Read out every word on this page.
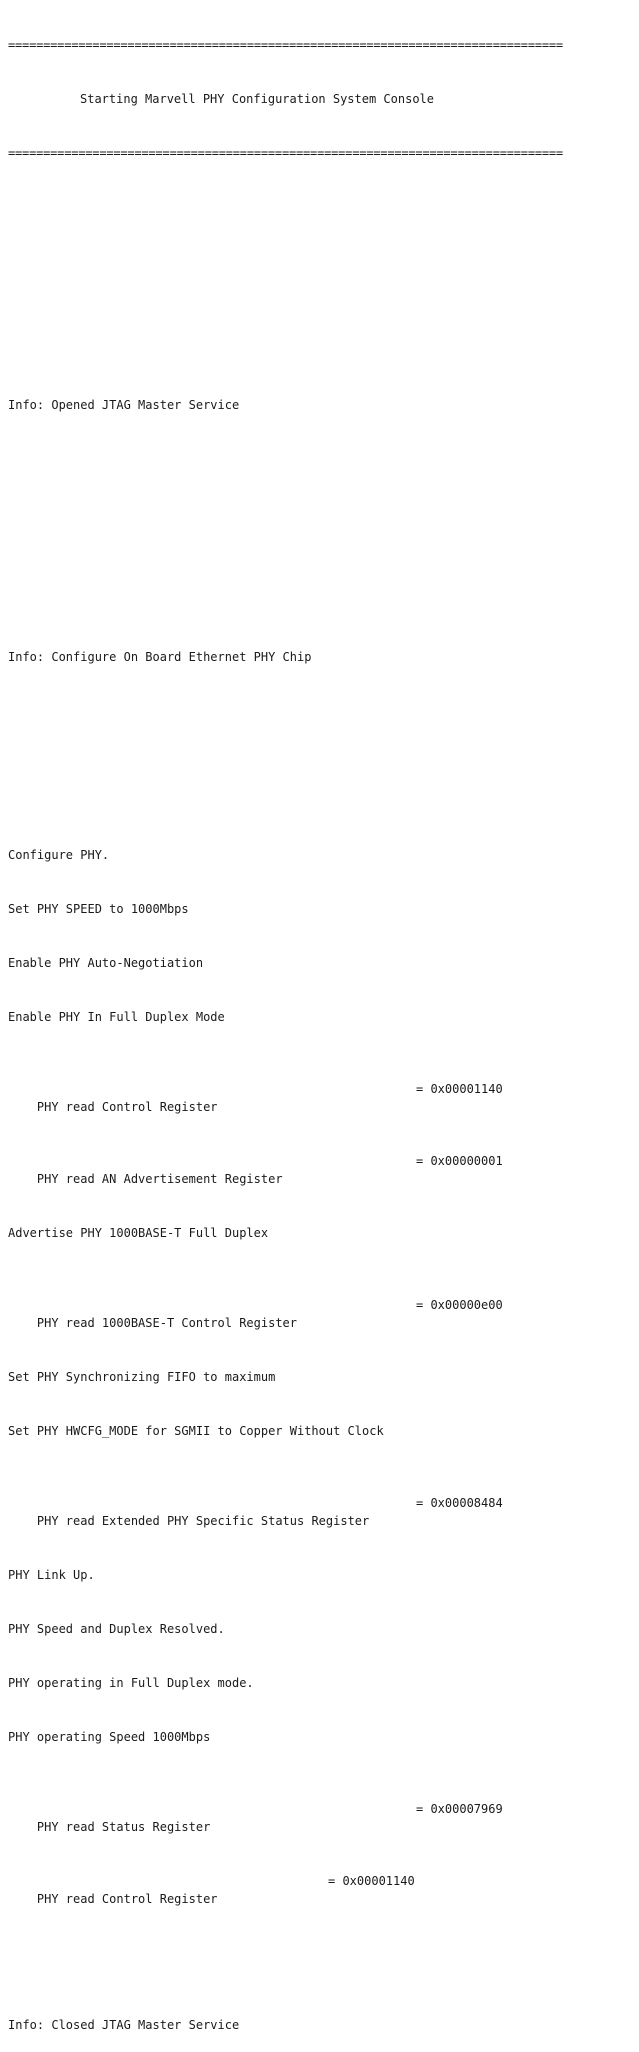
===============================================================================

Starting Marvell PHY Configuration System Console

===============================================================================

Info: Opened JTAG Master Service

Info: Configure On Board Ethernet PHY Chip

Configure PHY.

Set PHY SPEED to 1000Mbps

Enable PHY Auto-Negotiation

Enable PHY In Full Duplex Mode

PHY read Control Register

= 0x00001140

PHY read AN Advertisement Register

= 0x00000001

Advertise PHY 1000BASE-T Full Duplex

PHY read 1000BASE-T Control Register

= 0x00000e00

Set PHY Synchronizing FIFO to maximum

Set PHY HWCFG_MODE for SGMII to Copper Without Clock

PHY read Extended PHY Specific Status Register

= 0x00008484

PHY Link Up.

PHY Speed and Duplex Resolved.

PHY operating in Full Duplex mode.

PHY operating Speed 1000Mbps

PHY read Status Register

= 0x00007969

PHY read Control Register

= 0x00001140

Info: Closed JTAG Master Service
